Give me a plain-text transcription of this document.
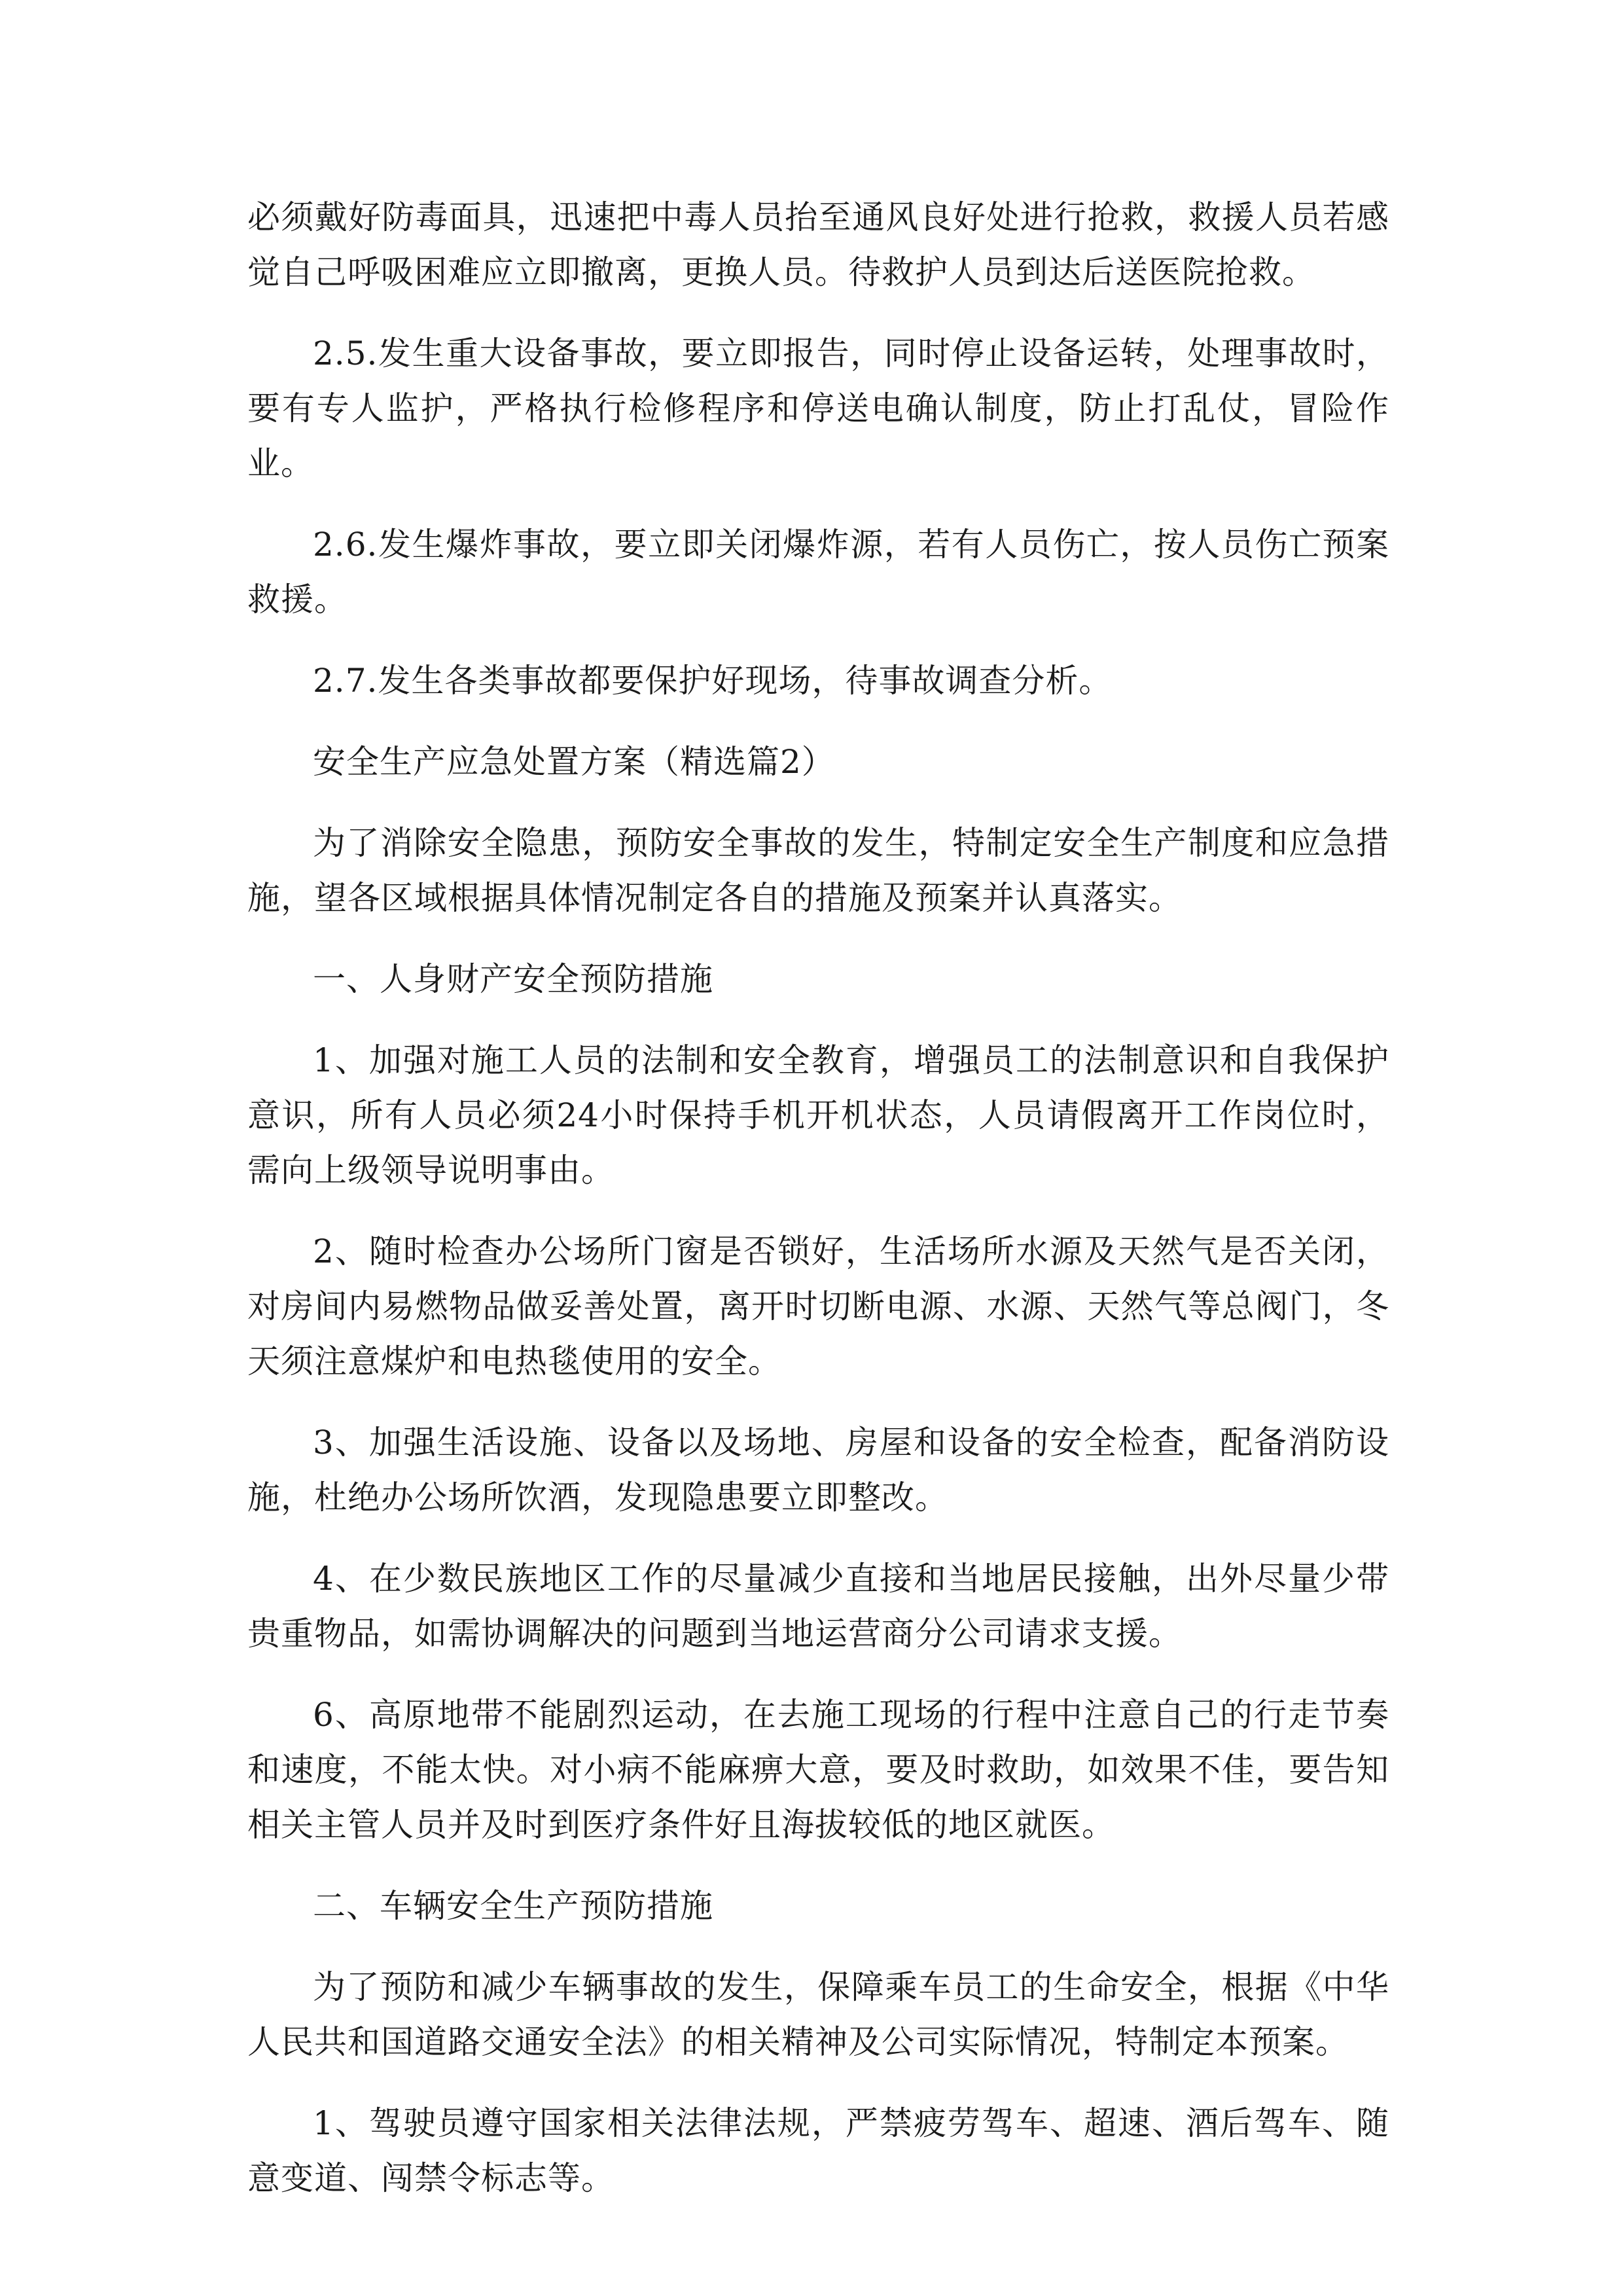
必须戴好防毒面具，迅速把中毒人员抬至通风良好处进行抢救，救援人员若感觉自己呼吸困难应立即撤离，更换人员。待救护人员到达后送医院抢救。

2.5.发生重大设备事故，要立即报告，同时停止设备运转，处理事故时，要有专人监护，严格执行检修程序和停送电确认制度，防止打乱仗，冒险作业。

2.6.发生爆炸事故，要立即关闭爆炸源，若有人员伤亡，按人员伤亡预案救援。

2.7.发生各类事故都要保护好现场，待事故调查分析。

安全生产应急处置方案（精选篇2）

为了消除安全隐患，预防安全事故的发生，特制定安全生产制度和应急措施，望各区域根据具体情况制定各自的措施及预案并认真落实。

一、人身财产安全预防措施

1、加强对施工人员的法制和安全教育，增强员工的法制意识和自我保护意识，所有人员必须24小时保持手机开机状态，人员请假离开工作岗位时，需向上级领导说明事由。

2、随时检查办公场所门窗是否锁好，生活场所水源及天然气是否关闭，对房间内易燃物品做妥善处置，离开时切断电源、水源、天然气等总阀门，冬天须注意煤炉和电热毯使用的安全。

3、加强生活设施、设备以及场地、房屋和设备的安全检查，配备消防设施，杜绝办公场所饮酒，发现隐患要立即整改。

4、在少数民族地区工作的尽量减少直接和当地居民接触，出外尽量少带贵重物品，如需协调解决的问题到当地运营商分公司请求支援。

6、高原地带不能剧烈运动，在去施工现场的行程中注意自己的行走节奏和速度，不能太快。对小病不能麻痹大意，要及时救助，如效果不佳，要告知相关主管人员并及时到医疗条件好且海拔较低的地区就医。

二、车辆安全生产预防措施

为了预防和减少车辆事故的发生，保障乘车员工的生命安全，根据《中华人民共和国道路交通安全法》的相关精神及公司实际情况，特制定本预案。

1、驾驶员遵守国家相关法律法规，严禁疲劳驾车、超速、酒后驾车、随意变道、闯禁令标志等。
